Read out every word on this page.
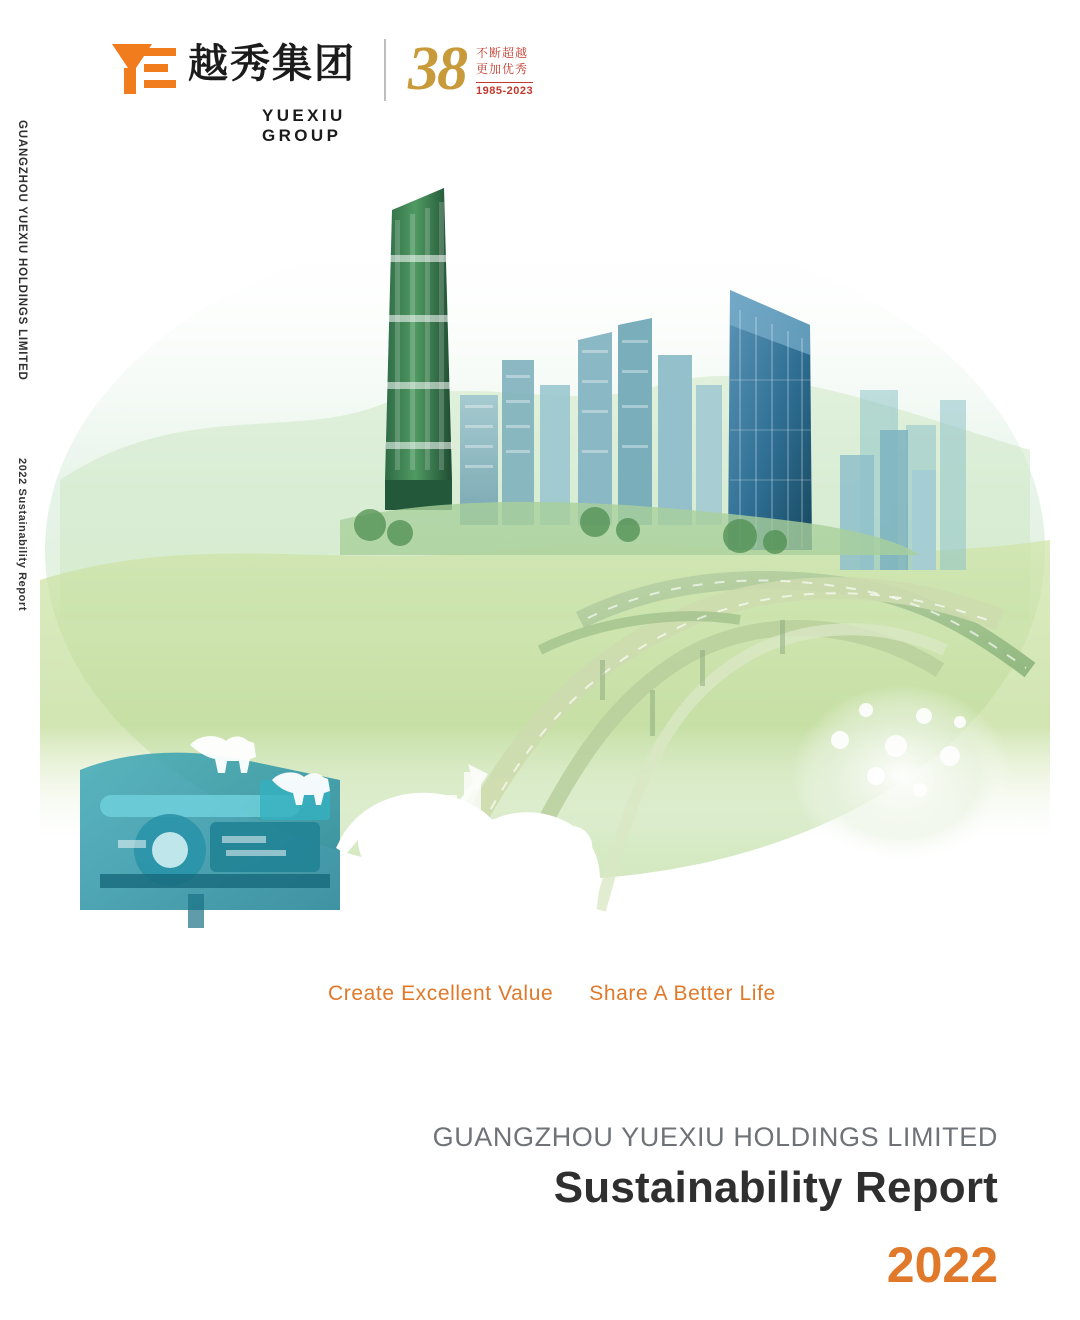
GUANGZHOU YUEXIU HOLDINGS LIMITED
2022 Sustainability Report
越秀集团
YUEXIU GROUP
38 不断超越
更加优秀
1985-2023
Create Excellent Value Share A Better Life
GUANGZHOU YUEXIU HOLDINGS LIMITED
Sustainability Report
2022
